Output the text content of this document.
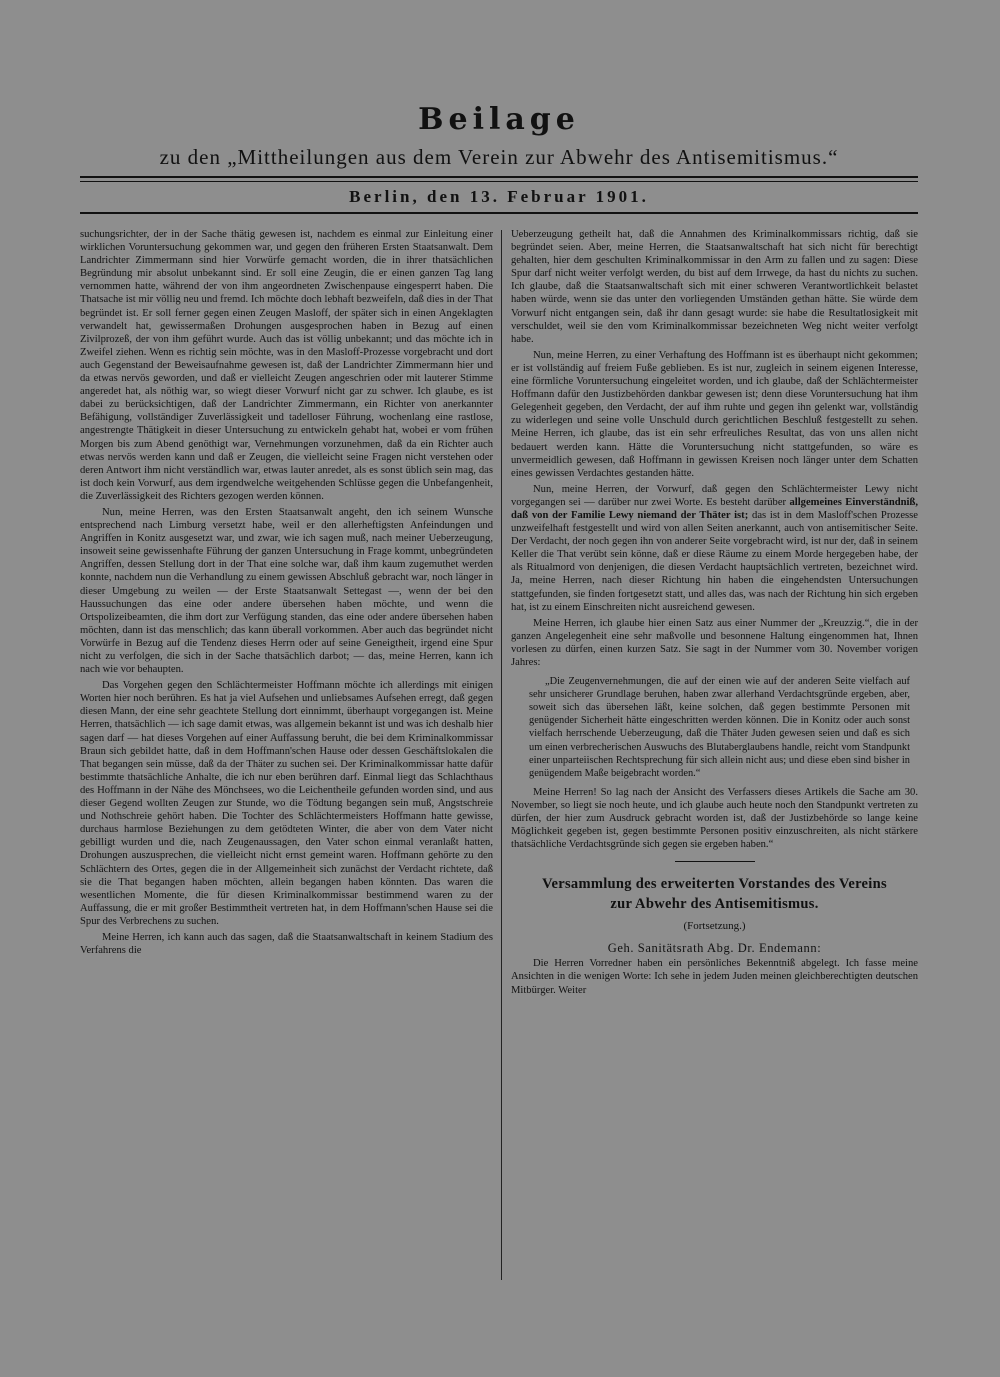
Beilage
zu den „Mittheilungen aus dem Verein zur Abwehr des Antisemitismus.“
Berlin, den 13. Februar 1901.

suchungsrichter, der in der Sache thätig gewesen ist, nachdem es einmal zur Einleitung einer wirklichen Voruntersuchung gekommen war, und gegen den früheren Ersten Staatsanwalt. Dem Landrichter Zimmermann sind hier Vorwürfe gemacht worden, die in ihrer thatsächlichen Begründung mir absolut unbekannt sind. Er soll eine Zeugin, die er einen ganzen Tag lang vernommen hatte, während der von ihm angeordneten Zwischenpause eingesperrt haben. Die Thatsache ist mir völlig neu und fremd. Ich möchte doch lebhaft bezweifeln, daß dies in der That begründet ist. Er soll ferner gegen einen Zeugen Masloff, der später sich in einen Angeklagten verwandelt hat, gewissermaßen Drohungen ausgesprochen haben in Bezug auf einen Zivilprozeß, der von ihm geführt wurde. Auch das ist völlig unbekannt; und das möchte ich in Zweifel ziehen. Wenn es richtig sein möchte, was in den Masloff-Prozesse vorgebracht und dort auch Gegenstand der Beweisaufnahme gewesen ist, daß der Landrichter Zimmermann hier und da etwas nervös geworden, und daß er vielleicht Zeugen angeschrien oder mit lauterer Stimme angeredet hat, als nöthig war, so wiegt dieser Vorwurf nicht gar zu schwer. Ich glaube, es ist dabei zu berücksichtigen, daß der Landrichter Zimmermann, ein Richter von anerkannter Befähigung, vollständiger Zuverlässigkeit und tadelloser Führung, wochenlang eine rastlose, angestrengte Thätigkeit in dieser Untersuchung zu entwickeln gehabt hat, wobei er vom frühen Morgen bis zum Abend genöthigt war, Vernehmungen vorzunehmen, daß da ein Richter auch etwas nervös werden kann und daß er Zeugen, die vielleicht seine Fragen nicht verstehen oder deren Antwort ihm nicht verständlich war, etwas lauter anredet, als es sonst üblich sein mag, das ist doch kein Vorwurf, aus dem irgendwelche weitgehenden Schlüsse gegen die Unbefangenheit, die Zuverlässigkeit des Richters gezogen werden können.

Nun, meine Herren, was den Ersten Staatsanwalt angeht, den ich seinem Wunsche entsprechend nach Limburg versetzt habe, weil er den allerheftigsten Anfeindungen und Angriffen in Konitz ausgesetzt war, und zwar, wie ich sagen muß, nach meiner Ueberzeugung, insoweit seine gewissenhafte Führung der ganzen Untersuchung in Frage kommt, unbegründeten Angriffen, dessen Stellung dort in der That eine solche war, daß ihm kaum zugemuthet werden konnte, nachdem nun die Verhandlung zu einem gewissen Abschluß gebracht war, noch länger in dieser Umgebung zu weilen — der Erste Staatsanwalt Settegast —, wenn der bei den Haussuchungen das eine oder andere übersehen haben möchte, und wenn die Ortspolizeibeamten, die ihm dort zur Verfügung standen, das eine oder andere übersehen haben möchten, dann ist das menschlich; das kann überall vorkommen. Aber auch das begründet nicht Vorwürfe in Bezug auf die Tendenz dieses Herrn oder auf seine Geneigtheit, irgend eine Spur nicht zu verfolgen, die sich in der Sache thatsächlich darbot; — das, meine Herren, kann ich nach wie vor behaupten.

Das Vorgehen gegen den Schlächtermeister Hoffmann möchte ich allerdings mit einigen Worten hier noch berühren. Es hat ja viel Aufsehen und unliebsames Aufsehen erregt, daß gegen diesen Mann, der eine sehr geachtete Stellung dort einnimmt, überhaupt vorgegangen ist. Meine Herren, thatsächlich — ich sage damit etwas, was allgemein bekannt ist und was ich deshalb hier sagen darf — hat dieses Vorgehen auf einer Auffassung beruht, die bei dem Kriminalkommissar Braun sich gebildet hatte, daß in dem Hoffmann'schen Hause oder dessen Geschäftslokalen die That begangen sein müsse, daß da der Thäter zu suchen sei. Der Kriminalkommissar hatte dafür bestimmte thatsächliche Anhalte, die ich nur eben berühren darf. Einmal liegt das Schlachthaus des Hoffmann in der Nähe des Mönchsees, wo die Leichentheile gefunden worden sind, und aus dieser Gegend wollten Zeugen zur Stunde, wo die Tödtung begangen sein muß, Angstschreie und Nothschreie gehört haben. Die Tochter des Schlächtermeisters Hoffmann hatte gewisse, durchaus harmlose Beziehungen zu dem getödteten Winter, die aber von dem Vater nicht gebilligt wurden und die, nach Zeugenaussagen, den Vater schon einmal veranlaßt hatten, Drohungen auszusprechen, die vielleicht nicht ernst gemeint waren. Hoffmann gehörte zu den Schlächtern des Ortes, gegen die in der Allgemeinheit sich zunächst der Verdacht richtete, daß sie die That begangen haben möchten, allein begangen haben könnten. Das waren die wesentlichen Momente, die für diesen Kriminalkommissar bestimmend waren zu der Auffassung, die er mit großer Bestimmtheit vertreten hat, in dem Hoffmann'schen Hause sei die Spur des Verbrechens zu suchen.

Meine Herren, ich kann auch das sagen, daß die Staatsanwaltschaft in keinem Stadium des Verfahrens die

Ueberzeugung getheilt hat, daß die Annahmen des Kriminalkommissars richtig, daß sie begründet seien. Aber, meine Herren, die Staatsanwaltschaft hat sich nicht für berechtigt gehalten, hier dem geschulten Kriminalkommissar in den Arm zu fallen und zu sagen: Diese Spur darf nicht weiter verfolgt werden, du bist auf dem Irrwege, da hast du nichts zu suchen. Ich glaube, daß die Staatsanwaltschaft sich mit einer schweren Verantwortlichkeit belastet haben würde, wenn sie das unter den vorliegenden Umständen gethan hätte. Sie würde dem Vorwurf nicht entgangen sein, daß ihr dann gesagt wurde: sie habe die Resultatlosigkeit mit verschuldet, weil sie den vom Kriminalkommissar bezeichneten Weg nicht weiter verfolgt habe.

Nun, meine Herren, zu einer Verhaftung des Hoffmann ist es überhaupt nicht gekommen; er ist vollständig auf freiem Fuße geblieben. Es ist nur, zugleich in seinem eigenen Interesse, eine förmliche Voruntersuchung eingeleitet worden, und ich glaube, daß der Schlächtermeister Hoffmann dafür den Justizbehörden dankbar gewesen ist; denn diese Voruntersuchung hat ihm Gelegenheit gegeben, den Verdacht, der auf ihm ruhte und gegen ihn gelenkt war, vollständig zu widerlegen und seine volle Unschuld durch gerichtlichen Beschluß festgestellt zu sehen. Meine Herren, ich glaube, das ist ein sehr erfreuliches Resultat, das von uns allen nicht bedauert werden kann. Hätte die Voruntersuchung nicht stattgefunden, so wäre es unvermeidlich gewesen, daß Hoffmann in gewissen Kreisen noch länger unter dem Schatten eines gewissen Verdachtes gestanden hätte.

Nun, meine Herren, der Vorwurf, daß gegen den Schlächtermeister Lewy nicht vorgegangen sei — darüber nur zwei Worte. Es besteht darüber allgemeines Einverständniß, daß von der Familie Lewy niemand der Thäter ist; das ist in dem Masloff'schen Prozesse unzweifelhaft festgestellt und wird von allen Seiten anerkannt, auch von antisemitischer Seite. Der Verdacht, der noch gegen ihn von anderer Seite vorgebracht wird, ist nur der, daß in seinem Keller die That verübt sein könne, daß er diese Räume zu einem Morde hergegeben habe, der als Ritualmord von denjenigen, die diesen Verdacht hauptsächlich vertreten, bezeichnet wird. Ja, meine Herren, nach dieser Richtung hin haben die eingehendsten Untersuchungen stattgefunden, sie finden fortgesetzt statt, und alles das, was nach der Richtung hin sich ergeben hat, ist zu einem Einschreiten nicht ausreichend gewesen.

Meine Herren, ich glaube hier einen Satz aus einer Nummer der „Kreuzzig.“, die in der ganzen Angelegenheit eine sehr maßvolle und besonnene Haltung eingenommen hat, Ihnen vorlesen zu dürfen, einen kurzen Satz. Sie sagt in der Nummer vom 30. November vorigen Jahres:

„Die Zeugenvernehmungen, die auf der einen wie auf der anderen Seite vielfach auf sehr unsicherer Grundlage beruhen, haben zwar allerhand Verdachtsgründe ergeben, aber, soweit sich das übersehen läßt, keine solchen, daß gegen bestimmte Personen mit genügender Sicherheit hätte eingeschritten werden können. Die in Konitz oder auch sonst vielfach herrschende Ueberzeugung, daß die Thäter Juden gewesen seien und daß es sich um einen verbrecherischen Auswuchs des Blutaberglaubens handle, reicht vom Standpunkt einer unparteiischen Rechtsprechung für sich allein nicht aus; und diese eben sind bisher in genügendem Maße beigebracht worden.“

Meine Herren! So lag nach der Ansicht des Verfassers dieses Artikels die Sache am 30. November, so liegt sie noch heute, und ich glaube auch heute noch den Standpunkt vertreten zu dürfen, der hier zum Ausdruck gebracht worden ist, daß der Justizbehörde so lange keine Möglichkeit gegeben ist, gegen bestimmte Personen positiv einzuschreiten, als nicht stärkere thatsächliche Verdachtsgründe sich gegen sie ergeben haben.“

Versammlung des erweiterten Vorstandes des Vereins
zur Abwehr des Antisemitismus.
(Fortsetzung.)
Geh. Sanitätsrath Abg. Dr. Endemann:

Die Herren Vorredner haben ein persönliches Bekenntniß abgelegt. Ich fasse meine Ansichten in die wenigen Worte: Ich sehe in jedem Juden meinen gleichberechtigten deutschen Mitbürger. Weiter
